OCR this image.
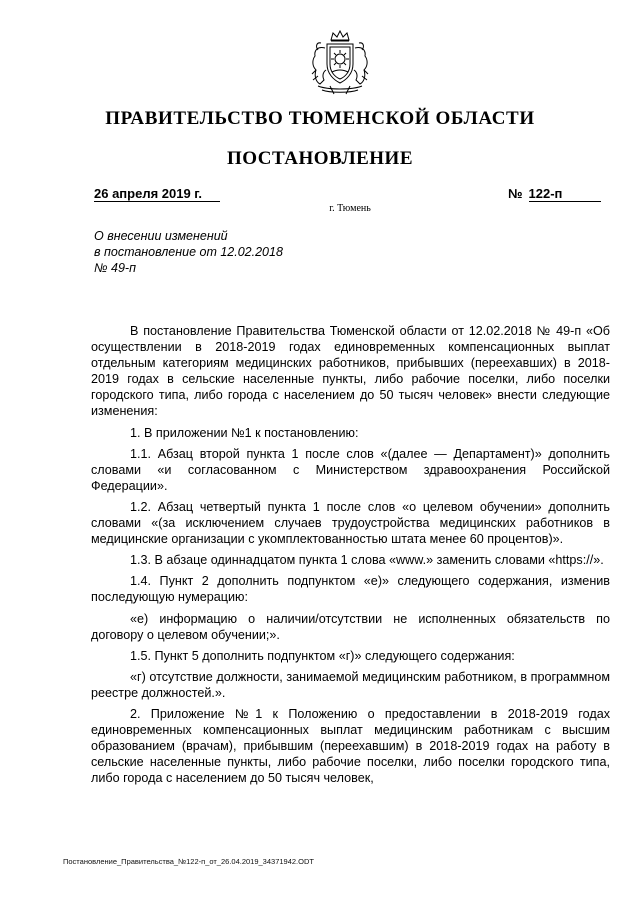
ПРАВИТЕЛЬСТВО ТЮМЕНСКОЙ ОБЛАСТИ
ПОСТАНОВЛЕНИЕ
26 апреля 2019 г.	№ 122-п
г. Тюмень
О внесении изменений
в постановление от 12.02.2018
№ 49-п

В постановление Правительства Тюменской области от 12.02.2018 № 49-п «Об осуществлении в 2018-2019 годах единовременных компенсационных выплат отдельным категориям медицинских работников, прибывших (переехавших) в 2018-2019 годах в сельские населенные пункты, либо рабочие поселки, либо поселки городского типа, либо города с населением до 50 тысяч человек» внести следующие изменения:

1. В приложении №1 к постановлению:

1.1. Абзац второй пункта 1 после слов «(далее — Департамент)» дополнить словами «и согласованном с Министерством здравоохранения Российской Федерации».

1.2. Абзац четвертый пункта 1 после слов «о целевом обучении» дополнить словами «(за исключением случаев трудоустройства медицинских работников в медицинские организации с укомплектованностью штата менее 60 процентов)».

1.3. В абзаце одиннадцатом пункта 1 слова «www.» заменить словами «https://».

1.4. Пункт 2 дополнить подпунктом «е)» следующего содержания, изменив последующую нумерацию:

«е) информацию о наличии/отсутствии не исполненных обязательств по договору о целевом обучении;».

1.5. Пункт 5 дополнить подпунктом «г)» следующего содержания:

«г) отсутствие должности, занимаемой медицинским работником, в программном реестре должностей.».

2. Приложение №1 к Положению о предоставлении в 2018-2019 годах единовременных компенсационных выплат медицинским работникам с высшим образованием (врачам), прибывшим (переехавшим) в 2018-2019 годах на работу в сельские населенные пункты, либо рабочие поселки, либо поселки городского типа, либо города с населением до 50 тысяч человек,

Постановление_Правительства_№122-п_от_26.04.2019_34371942.ODT
